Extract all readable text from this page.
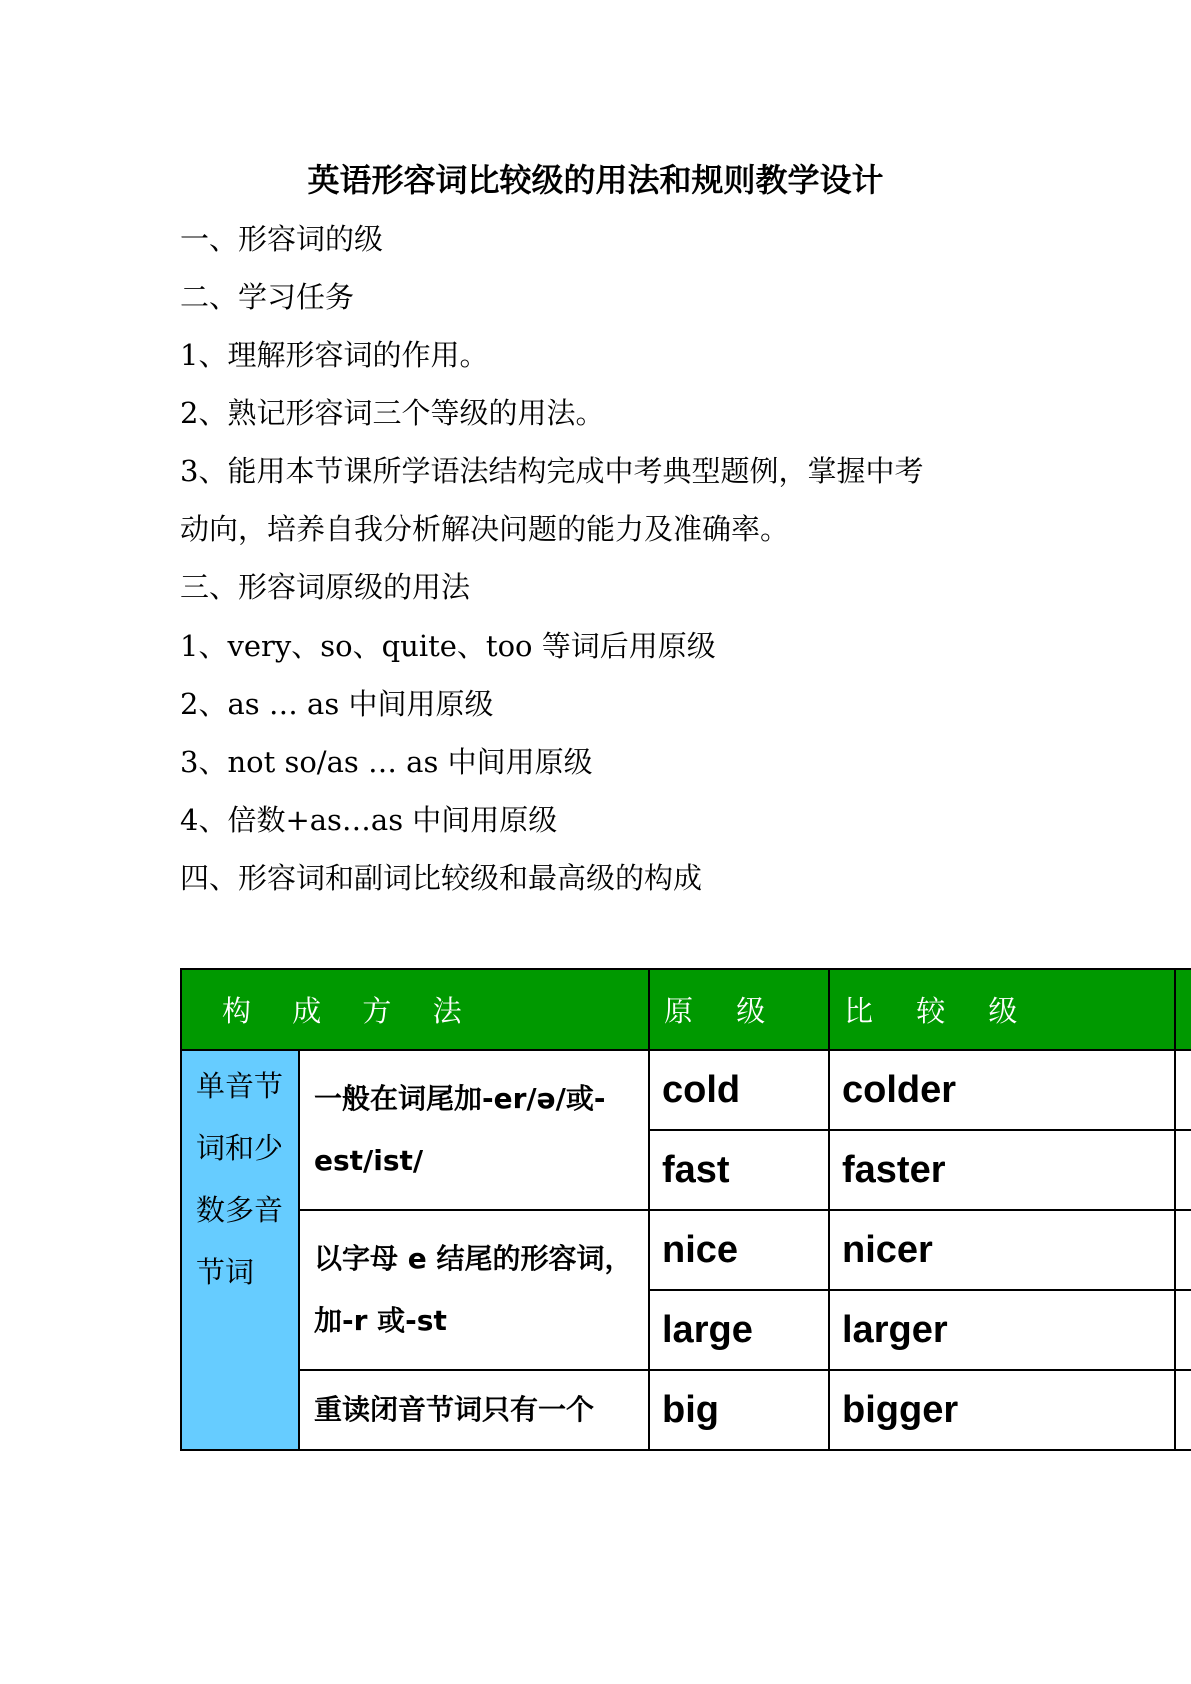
英语形容词比较级的用法和规则教学设计
一、形容词的级
二、学习任务
1、理解形容词的作用。
2、熟记形容词三个等级的用法。
3、能用本节课所学语法结构完成中考典型题例，掌握中考
动向，培养自我分析解决问题的能力及准确率。
三、形容词原级的用法
1、very、so、quite、too 等词后用原级
2、as … as 中间用原级
3、not so/as … as 中间用原级
4、倍数+as…as 中间用原级
四、形容词和副词比较级和最高级的构成
构 成 方 法		原 级	比 较 级	
单音节词和少数多音节词	一般在词尾加-er/ə/或-est/ist/	cold	colder	
		fast	faster	
	以字母 e 结尾的形容词，加-r 或-st	nice	nicer	
		large	larger	
	重读闭音节词只有一个	big	bigger	
